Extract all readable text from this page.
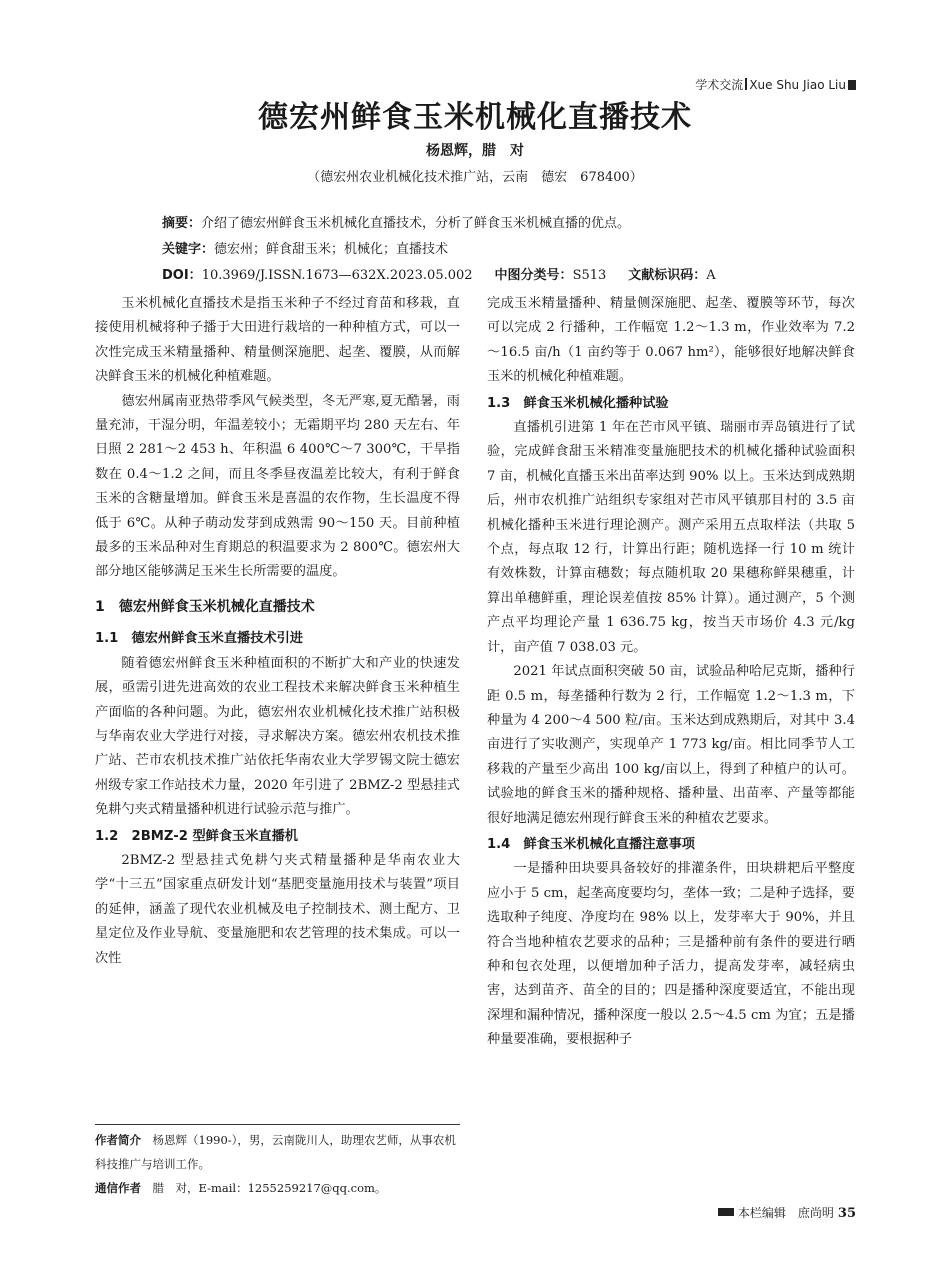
学术交流 Xue Shu Jiao Liu
德宏州鲜食玉米机械化直播技术
杨恩辉，腊　对
（德宏州农业机械化技术推广站，云南　德宏　678400）
摘要：介绍了德宏州鲜食玉米机械化直播技术，分析了鲜食玉米机械直播的优点。
关键字：德宏州；鲜食甜玉米；机械化；直播技术
DOI：10.3969/J.ISSN.1673—632X.2023.05.002 中图分类号：S513 文献标识码：A

玉米机械化直播技术是指玉米种子不经过育苗和移栽，直接使用机械将种子播于大田进行栽培的一种种植方式，可以一次性完成玉米精量播种、精量侧深施肥、起垄、覆膜，从而解决鲜食玉米的机械化种植难题。

德宏州属南亚热带季风气候类型，冬无严寒,夏无酷暑，雨量充沛，干湿分明，年温差较小；无霜期平均 280 天左右、年日照 2 281～2 453 h、年积温 6 400℃～7 300℃，干旱指数在 0.4～1.2 之间，而且冬季昼夜温差比较大，有利于鲜食玉米的含糖量增加。鲜食玉米是喜温的农作物，生长温度不得低于 6℃。从种子萌动发芽到成熟需 90～150 天。目前种植最多的玉米品种对生育期总的积温要求为 2 800℃。德宏州大部分地区能够满足玉米生长所需要的温度。

1　德宏州鲜食玉米机械化直播技术
1.1　德宏州鲜食玉米直播技术引进

随着德宏州鲜食玉米种植面积的不断扩大和产业的快速发展，亟需引进先进高效的农业工程技术来解决鲜食玉米种植生产面临的各种问题。为此，德宏州农业机械化技术推广站积极与华南农业大学进行对接，寻求解决方案。德宏州农机技术推广站、芒市农机技术推广站依托华南农业大学罗锡文院士德宏州级专家工作站技术力量，2020 年引进了 2BMZ-2 型悬挂式免耕勺夹式精量播种机进行试验示范与推广。

1.2　2BMZ-2 型鲜食玉米直播机

2BMZ-2 型悬挂式免耕勺夹式精量播种是华南农业大学“十三五”国家重点研发计划“基肥变量施用技术与装置”项目的延伸，涵盖了现代农业机械及电子控制技术、测土配方、卫星定位及作业导航、变量施肥和农艺管理的技术集成。可以一次性

完成玉米精量播种、精量侧深施肥、起垄、覆膜等环节，每次可以完成 2 行播种，工作幅宽 1.2～1.3 m，作业效率为 7.2～16.5 亩/h（1 亩约等于 0.067 hm²），能够很好地解决鲜食玉米的机械化种植难题。

1.3　鲜食玉米机械化播种试验

直播机引进第 1 年在芒市风平镇、瑞丽市弄岛镇进行了试验，完成鲜食甜玉米精准变量施肥技术的机械化播种试验面积 7 亩，机械化直播玉米出苗率达到 90% 以上。玉米达到成熟期后，州市农机推广站组织专家组对芒市风平镇那目村的 3.5 亩机械化播种玉米进行理论测产。测产采用五点取样法（共取 5 个点，每点取 12 行，计算出行距；随机选择一行 10 m 统计有效株数，计算亩穗数；每点随机取 20 果穗称鲜果穗重，计算出单穗鲜重，理论误差值按 85% 计算）。通过测产，5 个测产点平均理论产量 1 636.75 kg，按当天市场价 4.3 元/kg 计，亩产值 7 038.03 元。

2021 年试点面积突破 50 亩，试验品种哈尼克斯，播种行距 0.5 m，每垄播种行数为 2 行，工作幅宽 1.2～1.3 m，下种量为 4 200～4 500 粒/亩。玉米达到成熟期后，对其中 3.4 亩进行了实收测产，实现单产 1 773 kg/亩。相比同季节人工移栽的产量至少高出 100 kg/亩以上，得到了种植户的认可。试验地的鲜食玉米的播种规格、播种量、出苗率、产量等都能很好地满足德宏州现行鲜食玉米的种植农艺要求。

1.4　鲜食玉米机械化直播注意事项

一是播种田块要具备较好的排灌条件，田块耕耙后平整度应小于 5 cm，起垄高度要均匀，垄体一致；二是种子选择，要选取种子纯度、净度均在 98% 以上，发芽率大于 90%，并且符合当地种植农艺要求的品种；三是播种前有条件的要进行晒种和包衣处理，以便增加种子活力，提高发芽率，减轻病虫害，达到苗齐、苗全的目的；四是播种深度要适宜，不能出现深埋和漏种情况，播种深度一般以 2.5～4.5 cm 为宜；五是播种量要准确，要根据种子

作者简介　 杨恩辉（1990-），男，云南陇川人，助理农艺师，从事农机科技推广与培训工作。
通信作者　 腊　对，E-mail：1255259217@qq.com。
本栏编辑　庶尚明 35
